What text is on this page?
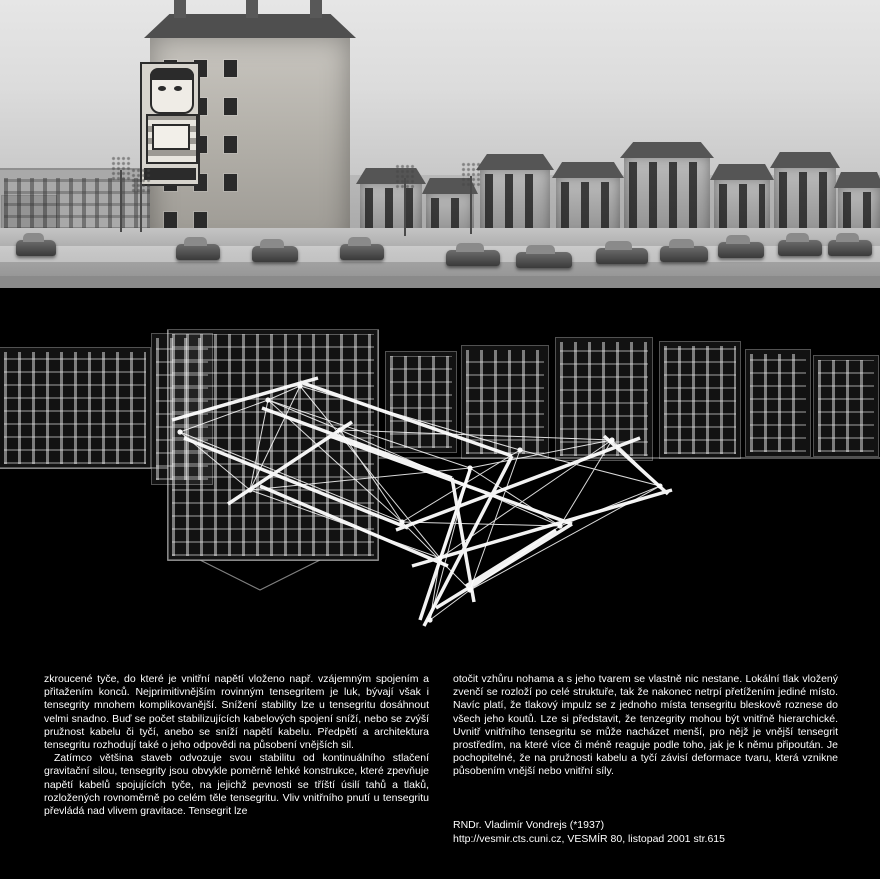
zkroucené tyče, do které je vnitřní napětí vloženo např. vzájemným spojením a přitažením konců. Nejprimitivnějším rovinným tensegritem je luk, bývají však i tensegrity mnohem komplikovanější. Snížení stability lze u tensegritu dosáhnout velmi snadno. Buď se počet stabilizujících kabelových spojení sníží, nebo se zvýší pružnost kabelu či tyčí, anebo se sníží napětí kabelu. Předpětí a architektura tensegritu rozhodují také o jeho odpovědi na působení vnějších sil.

Zatímco většina staveb odvozuje svou stabilitu od kontinuálního stlačení gravitační silou, tensegrity jsou obvykle poměrně lehké konstrukce, které zpevňuje napětí kabelů spojujících tyče, na jejichž pevnosti se tříští úsilí tahů a tlaků, rozložených rovnoměrně po celém těle tensegritu. Vliv vnitřního pnutí u tensegritu převládá nad vlivem gravitace. Tensegrit lze

otočit vzhůru nohama a s jeho tvarem se vlastně nic nestane. Lokální tlak vložený zvenčí se rozloží po celé struktuře, tak že nakonec netrpí přetížením jediné místo. Navíc platí, že tlakový impulz se z jednoho místa tensegritu bleskově roznese do všech jeho koutů. Lze si představit, že tenzegrity mohou být vnitřně hierarchické. Uvnitř vnitřního tensegritu se může nacházet menší, pro nějž je vnější tensegrit prostředím, na které více či méně reaguje podle toho, jak je k němu připoután. Je pochopitelné, že na pružnosti kabelu a tyčí závisí deformace tvaru, která vznikne působením vnější nebo vnitřní síly.

RNDr. Vladimír Vondrejs (*1937)
http://vesmir.cts.cuni.cz, VESMÍR 80, listopad 2001 str.615
